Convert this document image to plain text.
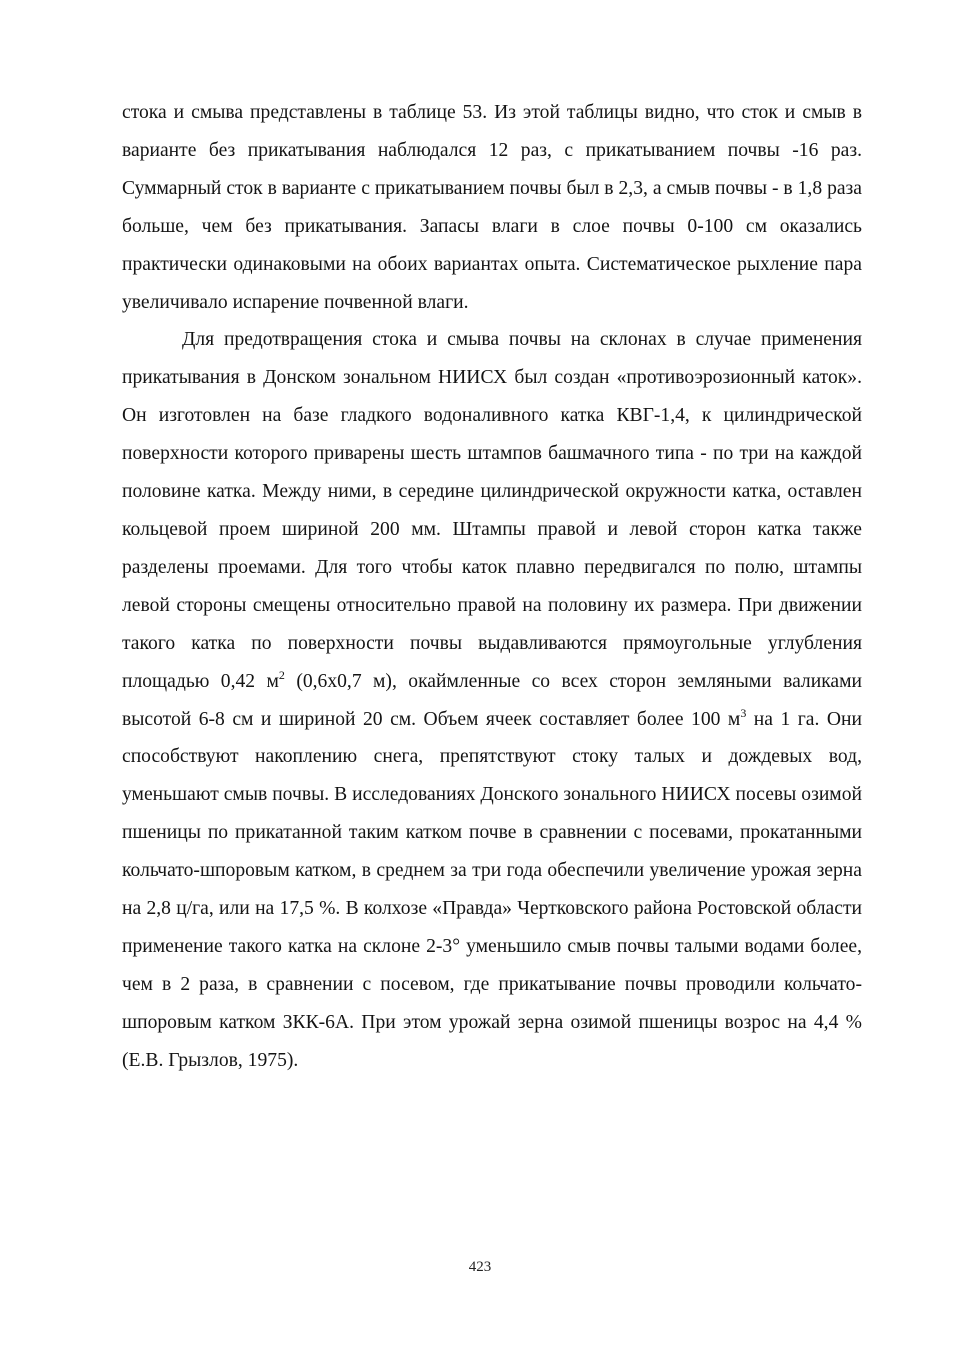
стока и смыва представлены в таблице 53. Из этой таблицы видно, что сток и смыв в варианте без прикатывания наблюдался 12 раз, с прикатыванием почвы -16 раз. Суммарный сток в варианте с прикатыванием почвы был в 2,3, а смыв почвы - в 1,8 раза больше, чем без прикатывания. Запасы влаги в слое почвы 0-100 см оказались практически одинаковыми на обоих вариантах опыта. Систематическое рыхление пара увеличивало испарение почвенной влаги.

Для предотвращения стока и смыва почвы на склонах в случае применения прикатывания в Донском зональном НИИСХ был создан «противоэрозионный каток». Он изготовлен на базе гладкого водоналивного катка КВГ-1,4, к цилиндрической поверхности которого приварены шесть штампов башмачного типа - по три на каждой половине катка. Между ними, в середине цилиндрической окружности катка, оставлен кольцевой проем шириной 200 мм. Штампы правой и левой сторон катка также разделены проемами. Для того чтобы каток плавно передвигался по полю, штампы левой стороны смещены относительно правой на половину их размера. При движении такого катка по поверхности почвы выдавливаются прямоугольные углубления площадью 0,42 $м^2$ (0,6х0,7 м), окаймленные со всех сторон земляными валиками высотой 6-8 см и шириной 20 см. Объем ячеек составляет более 100 $м^3$ на 1 га. Они способствуют накоплению снега, препятствуют стоку талых и дождевых вод, уменьшают смыв почвы. В исследованиях Донского зонального НИИСХ посевы озимой пшеницы по прикатанной таким катком почве в сравнении с посевами, прокатанными кольчато-шпоровым катком, в среднем за три года обеспечили увеличение урожая зерна на 2,8 ц/га, или на 17,5 %. В колхозе «Правда» Чертковского района Ростовской области применение такого катка на склоне 2-3° уменьшило смыв почвы талыми водами более, чем в 2 раза, в сравнении с посевом, где прикатывание почвы проводили кольчато-шпоровым катком ЗКК-6А. При этом урожай зерна озимой пшеницы возрос на 4,4 % (Е.В. Грызлов, 1975).

423
